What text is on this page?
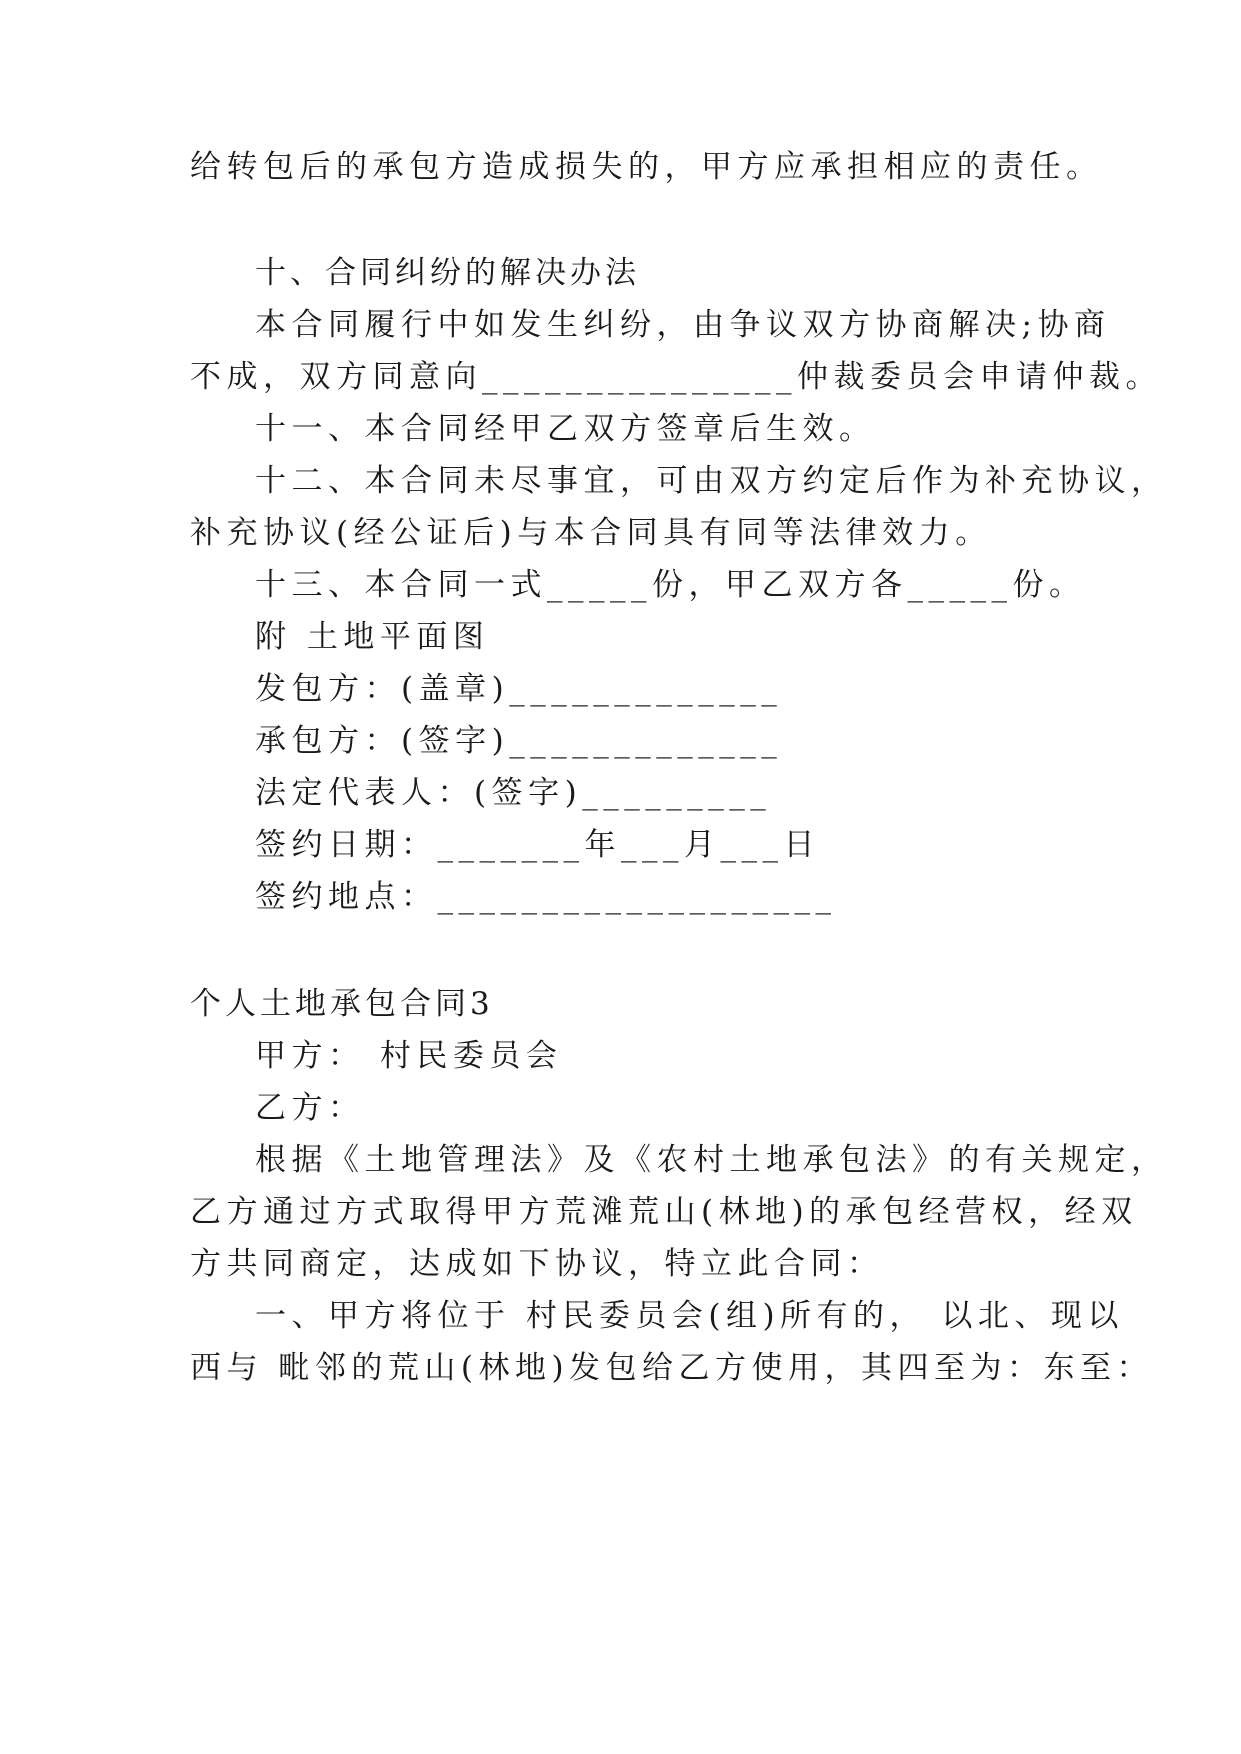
给转包后的承包方造成损失的，甲方应承担相应的责任。
十、合同纠纷的解决办法
本合同履行中如发生纠纷，由争议双方协商解决;协商
不成，双方同意向_______________仲裁委员会申请仲裁。
十一、本合同经甲乙双方签章后生效。
十二、本合同未尽事宜，可由双方约定后作为补充协议，
补充协议(经公证后)与本合同具有同等法律效力。
十三、本合同一式_____份，甲乙双方各_____份。
附 土地平面图
发包方：(盖章)_____________
承包方：(签字)_____________
法定代表人：(签字)_________
签约日期：_______年___月___日
签约地点：___________________
个人土地承包合同3
甲方： 村民委员会
乙方：
根据《土地管理法》及《农村土地承包法》的有关规定，
乙方通过方式取得甲方荒滩荒山(林地)的承包经营权，经双
方共同商定，达成如下协议，特立此合同：
一、甲方将位于 村民委员会(组)所有的， 以北、现以
西与 毗邻的荒山(林地)发包给乙方使用，其四至为：东至：
